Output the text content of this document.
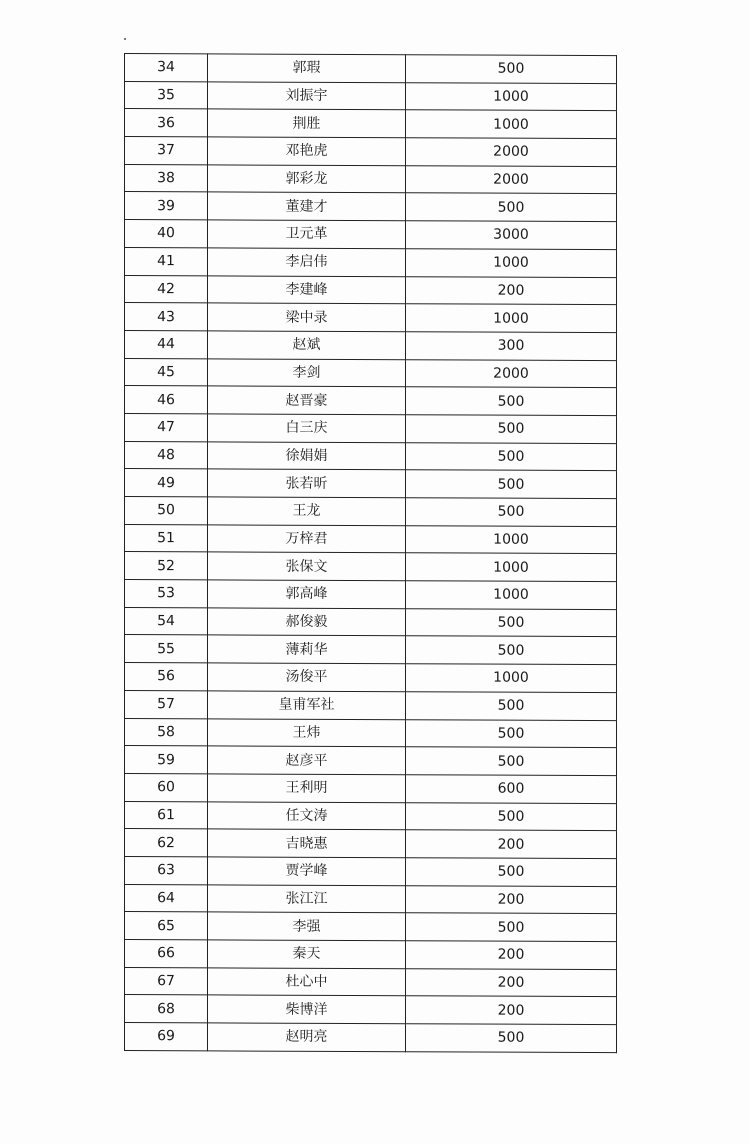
34	郭瑕	500
35	刘振宇	1000
36	荆胜	1000
37	邓艳虎	2000
38	郭彩龙	2000
39	董建才	500
40	卫元革	3000
41	李启伟	1000
42	李建峰	200
43	梁中录	1000
44	赵斌	300
45	李剑	2000
46	赵晋豪	500
47	白三庆	500
48	徐娟娟	500
49	张若昕	500
50	王龙	500
51	万梓君	1000
52	张保文	1000
53	郭高峰	1000
54	郝俊毅	500
55	薄莉华	500
56	汤俊平	1000
57	皇甫军社	500
58	王炜	500
59	赵彦平	500
60	王利明	600
61	任文涛	500
62	吉晓惠	200
63	贾学峰	500
64	张江江	200
65	李强	500
66	秦天	200
67	杜心中	200
68	柴博洋	200
69	赵明亮	500
